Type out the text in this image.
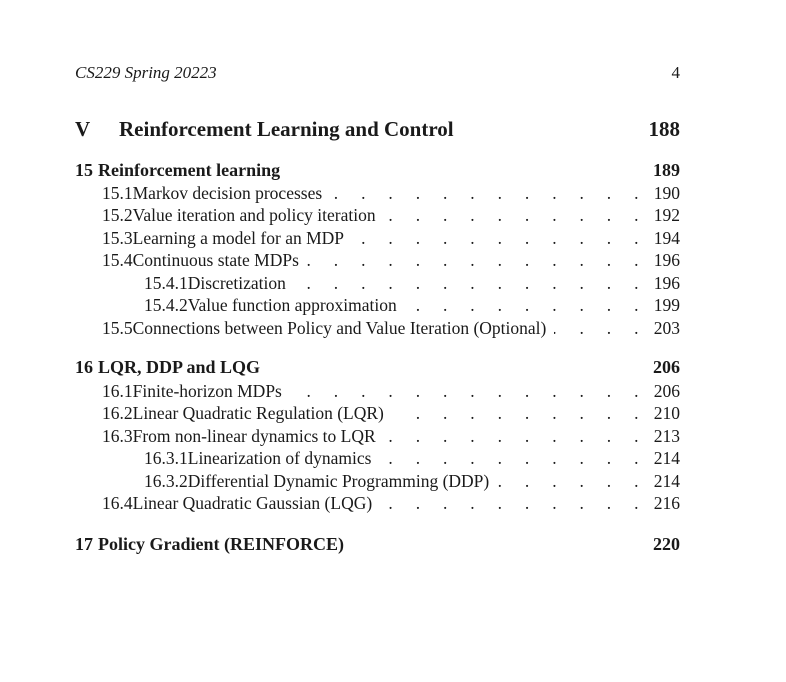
CS229 Spring 20223	4
V Reinforcement Learning and Control	188
15 Reinforcement learning	189
15.1 Markov decision processes . . .	190
15.2 Value iteration and policy iteration . . .	192
15.3 Learning a model for an MDP . . .	194
15.4 Continuous state MDPs . . .	196
15.4.1 Discretization . . .	196
15.4.2 Value function approximation . . .	199
15.5 Connections between Policy and Value Iteration (Optional) . . .	203
16 LQR, DDP and LQG	206
16.1 Finite-horizon MDPs . . .	206
16.2 Linear Quadratic Regulation (LQR) . . .	210
16.3 From non-linear dynamics to LQR . . .	213
16.3.1 Linearization of dynamics . . .	214
16.3.2 Differential Dynamic Programming (DDP) . . .	214
16.4 Linear Quadratic Gaussian (LQG) . . .	216
17 Policy Gradient (REINFORCE)	220
